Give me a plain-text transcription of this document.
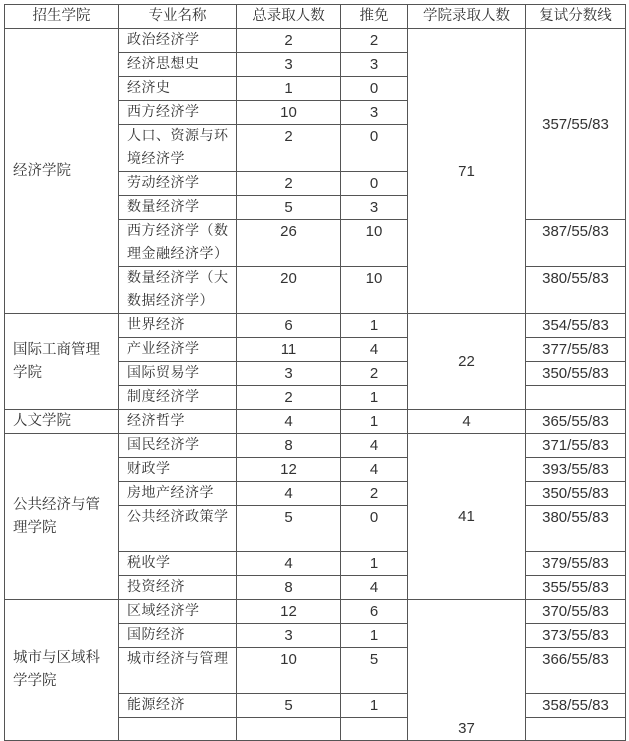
招生学院	专业名称	总录取人数	推免	学院录取人数	复试分数线
经济学院	政治经济学	2	2	71	357/55/83
	经济思想史	3	3		
	经济史	1	0		
	西方经济学	10	3		
	人口、资源与环境经济学	2	0		
	劳动经济学	2	0		
	数量经济学	5	3		
	西方经济学（数理金融经济学）	26	10		387/55/83
	数量经济学（大数据经济学）	20	10		380/55/83
国际工商管理学院	世界经济	6	1	22	354/55/83
	产业经济学	11	4		377/55/83
	国际贸易学	3	2		350/55/83
	制度经济学	2	1		
人文学院	经济哲学	4	1	4	365/55/83
公共经济与管理学院	国民经济学	8	4	41	371/55/83
	财政学	12	4		393/55/83
	房地产经济学	4	2		350/55/83
	公共经济政策学	5	0		380/55/83
	税收学	4	1		379/55/83
	投资经济	8	4		355/55/83
城市与区域科学学院	区域经济学	12	6	37	370/55/83
	国防经济	3	1		373/55/83
	城市经济与管理	10	5		366/55/83
	能源经济	5	1		358/55/83
